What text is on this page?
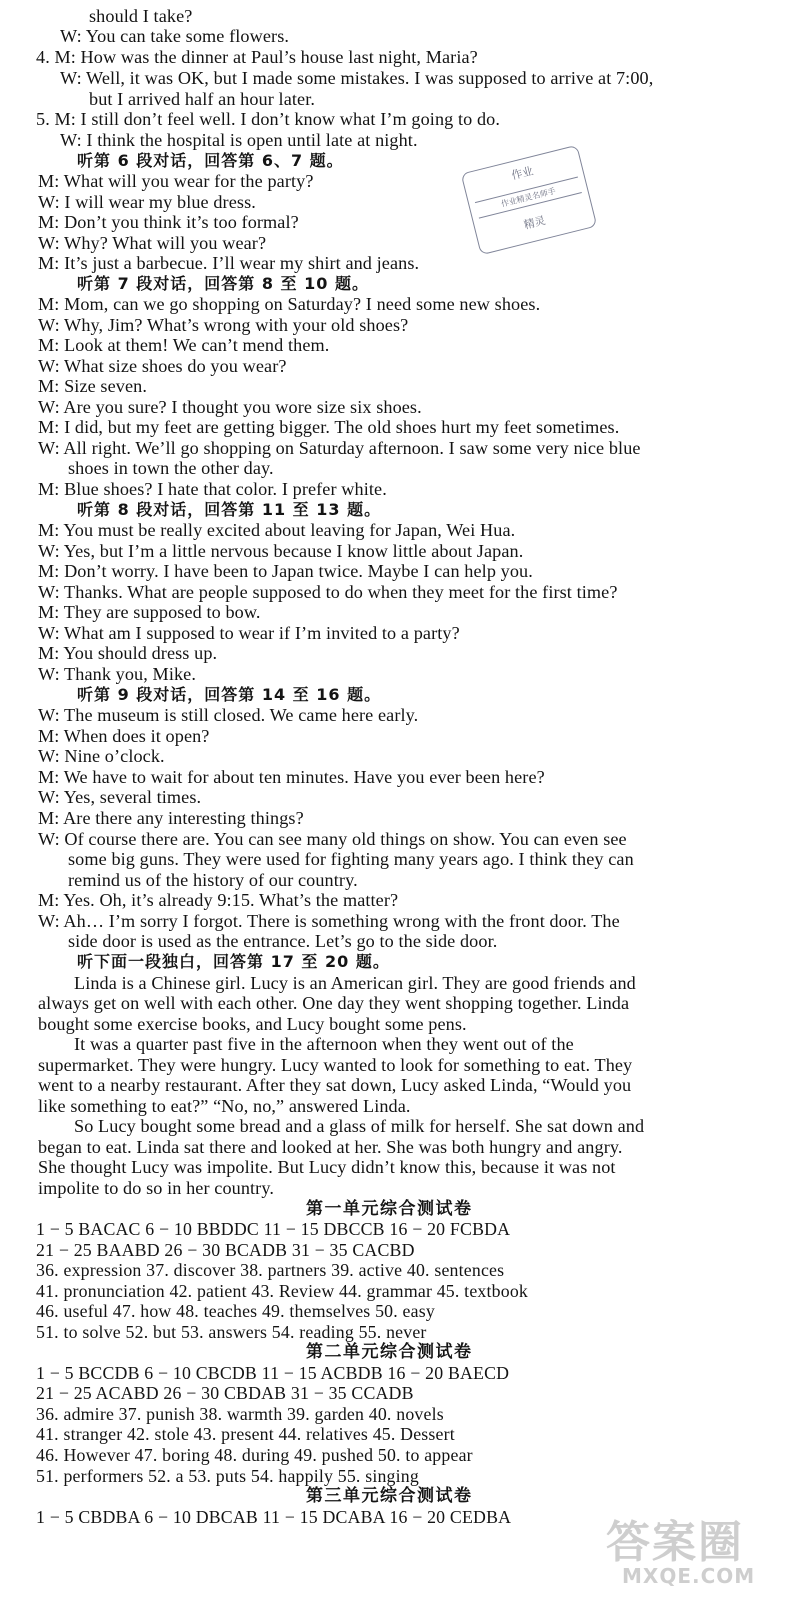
should I take?
W: You can take some flowers.
4. M: How was the dinner at Paul’s house last night, Maria?
W: Well, it was OK, but I made some mistakes. I was supposed to arrive at 7:00,
but I arrived half an hour later.
5. M: I still don’t feel well. I don’t know what I’m going to do.
W: I think the hospital is open until late at night.
听第 6 段对话，回答第 6、7 题。
M: What will you wear for the party?
W: I will wear my blue dress.
M: Don’t you think it’s too formal?
W: Why? What will you wear?
M: It’s just a barbecue. I’ll wear my shirt and jeans.
听第 7 段对话，回答第 8 至 10 题。
M: Mom, can we go shopping on Saturday? I need some new shoes.
W: Why, Jim? What’s wrong with your old shoes?
M: Look at them! We can’t mend them.
W: What size shoes do you wear?
M: Size seven.
W: Are you sure? I thought you wore size six shoes.
M: I did, but my feet are getting bigger. The old shoes hurt my feet sometimes.
W: All right. We’ll go shopping on Saturday afternoon. I saw some very nice blue
shoes in town the other day.
M: Blue shoes? I hate that color. I prefer white.
听第 8 段对话，回答第 11 至 13 题。
M: You must be really excited about leaving for Japan, Wei Hua.
W: Yes, but I’m a little nervous because I know little about Japan.
M: Don’t worry. I have been to Japan twice. Maybe I can help you.
W: Thanks. What are people supposed to do when they meet for the first time?
M: They are supposed to bow.
W: What am I supposed to wear if I’m invited to a party?
M: You should dress up.
W: Thank you, Mike.
听第 9 段对话，回答第 14 至 16 题。
W: The museum is still closed. We came here early.
M: When does it open?
W: Nine o’clock.
M: We have to wait for about ten minutes. Have you ever been here?
W: Yes, several times.
M: Are there any interesting things?
W: Of course there are. You can see many old things on show. You can even see
some big guns. They were used for fighting many years ago. I think they can
remind us of the history of our country.
M: Yes. Oh, it’s already 9:15. What’s the matter?
W: Ah… I’m sorry I forgot. There is something wrong with the front door. The
side door is used as the entrance. Let’s go to the side door.
听下面一段独白，回答第 17 至 20 题。
Linda is a Chinese girl. Lucy is an American girl. They are good friends and
always get on well with each other. One day they went shopping together. Linda
bought some exercise books, and Lucy bought some pens.
It was a quarter past five in the afternoon when they went out of the
supermarket. They were hungry. Lucy wanted to look for something to eat. They
went to a nearby restaurant. After they sat down, Lucy asked Linda, “Would you
like something to eat?” “No, no,” answered Linda.
So Lucy bought some bread and a glass of milk for herself. She sat down and
began to eat. Linda sat there and looked at her. She was both hungry and angry.
She thought Lucy was impolite. But Lucy didn’t know this, because it was not
impolite to do so in her country.
第一单元综合测试卷
1 − 5 BACAC 6 − 10 BBDDC 11 − 15 DBCCB 16 − 20 FCBDA
21 − 25 BAABD 26 − 30 BCADB 31 − 35 CACBD
36. expression 37. discover 38. partners 39. active 40. sentences
41. pronunciation 42. patient 43. Review 44. grammar 45. textbook
46. useful 47. how 48. teaches 49. themselves 50. easy
51. to solve 52. but 53. answers 54. reading 55. never
第二单元综合测试卷
1 − 5 BCCDB 6 − 10 CBCDB 11 − 15 ACBDB 16 − 20 BAECD
21 − 25 ACABD 26 − 30 CBDAB 31 − 35 CCADB
36. admire 37. punish 38. warmth 39. garden 40. novels
41. stranger 42. stole 43. present 44. relatives 45. Dessert
46. However 47. boring 48. during 49. pushed 50. to appear
51. performers 52. a 53. puts 54. happily 55. singing
第三单元综合测试卷
1 − 5 CBDBA 6 − 10 DBCAB 11 − 15 DCABA 16 − 20 CEDBA
作业
作业精灵名师手
精灵
答案圈
MXQE.COM
